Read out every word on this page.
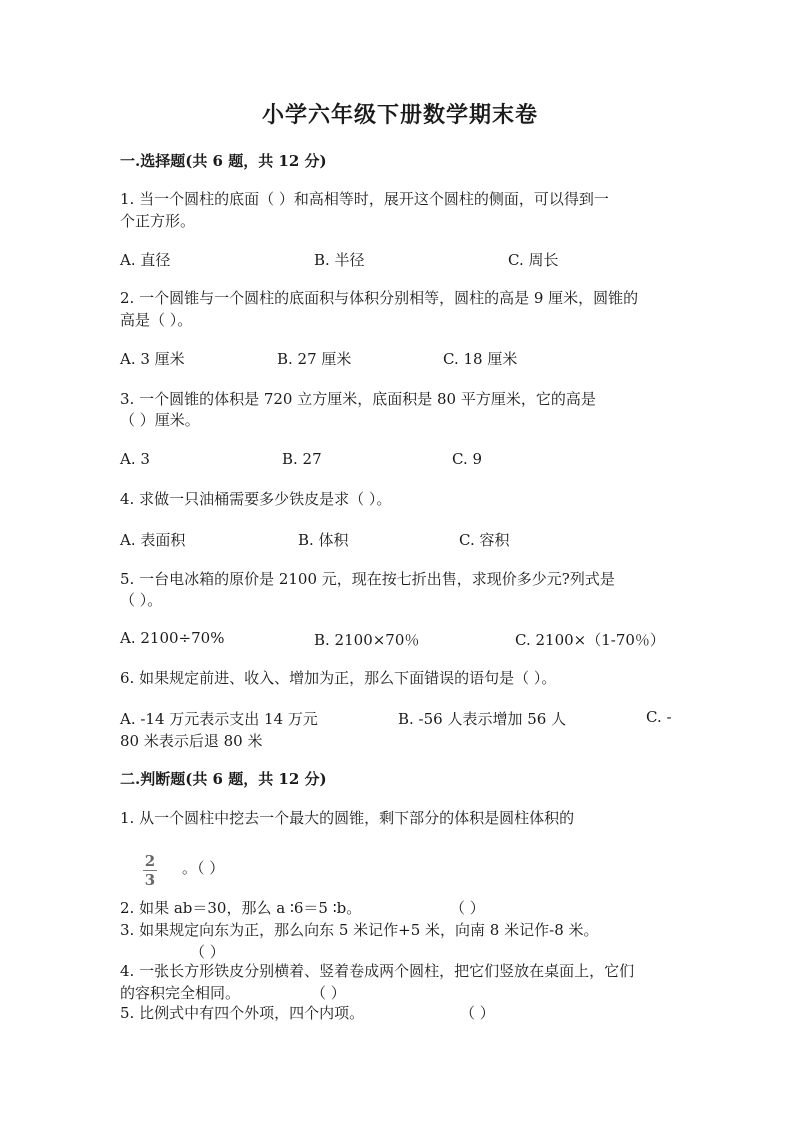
小学六年级下册数学期末卷
一.选择题(共 6 题，共 12 分)
1. 当一个圆柱的底面（ ）和高相等时，展开这个圆柱的侧面，可以得到一
个正方形。
A. 直径	B. 半径	C. 周长
2. 一个圆锥与一个圆柱的底面积与体积分别相等，圆柱的高是 9 厘米，圆锥的
高是（ ）。
A. 3 厘米	B. 27 厘米	C. 18 厘米
3. 一个圆锥的体积是 720 立方厘米，底面积是 80 平方厘米，它的高是
（ ）厘米。
A. 3	B. 27	C. 9
4. 求做一只油桶需要多少铁皮是求（ ）。
A. 表面积	B. 体积	C. 容积
5. 一台电冰箱的原价是 2100 元，现在按七折出售，求现价多少元?列式是
（ ）。
A. 2100÷70%	B. 2100×70％	C. 2100×（1-70％）
6. 如果规定前进、收入、增加为正，那么下面错误的语句是（ ）。
A. -14 万元表示支出 14 万元	B. -56 人表示增加 56 人	C. -
80 米表示后退 80 米
二.判断题(共 6 题，共 12 分)
1. 从一个圆柱中挖去一个最大的圆锥，剩下部分的体积是圆柱体积的
$\frac{2}{3}$ 。（ ）
2. 如果 ab＝30，那么 a ∶6＝5 ∶b。	（ ）
3. 如果规定向东为正，那么向东 5 米记作+5 米，向南 8 米记作-8 米。
（ ）
4. 一张长方形铁皮分别横着、竖着卷成两个圆柱，把它们竖放在桌面上，它们
的容积完全相同。	（ ）
5. 比例式中有四个外项，四个内项。	（ ）
